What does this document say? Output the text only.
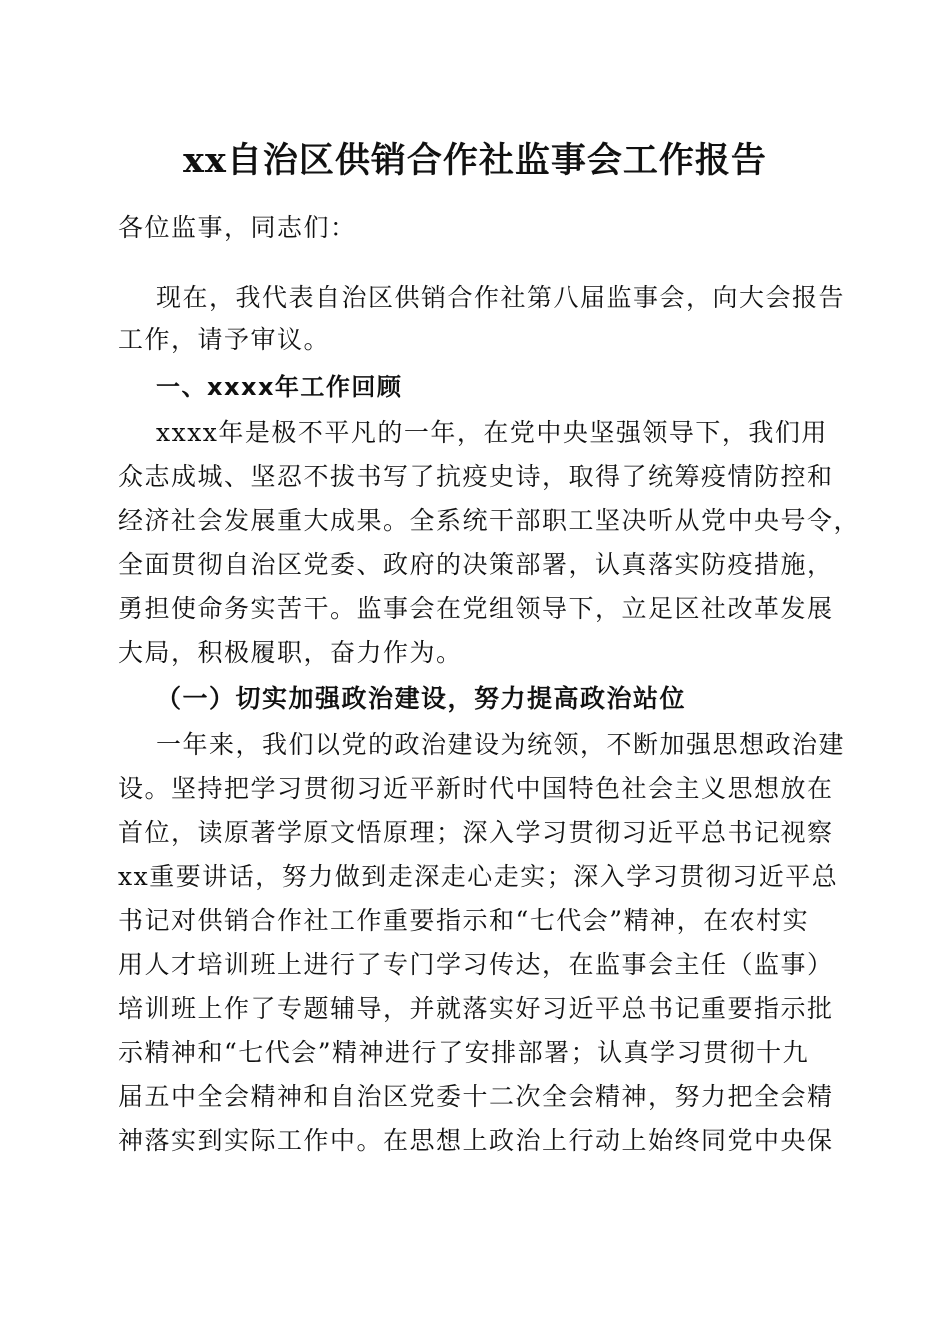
xx自治区供销合作社监事会工作报告
各位监事，同志们：
现在，我代表自治区供销合作社第八届监事会，向大会报告
工作，请予审议。
一、xxxx年工作回顾
xxxx年是极不平凡的一年，在党中央坚强领导下，我们用
众志成城、坚忍不拔书写了抗疫史诗，取得了统筹疫情防控和
经济社会发展重大成果。全系统干部职工坚决听从党中央号令，
全面贯彻自治区党委、政府的决策部署，认真落实防疫措施，
勇担使命务实苦干。监事会在党组领导下，立足区社改革发展
大局，积极履职，奋力作为。
（一）切实加强政治建设，努力提高政治站位
一年来，我们以党的政治建设为统领，不断加强思想政治建
设。坚持把学习贯彻习近平新时代中国特色社会主义思想放在
首位，读原著学原文悟原理；深入学习贯彻习近平总书记视察
xx重要讲话，努力做到走深走心走实；深入学习贯彻习近平总
书记对供销合作社工作重要指示和“七代会”精神，在农村实
用人才培训班上进行了专门学习传达，在监事会主任（监事）
培训班上作了专题辅导，并就落实好习近平总书记重要指示批
示精神和“七代会”精神进行了安排部署；认真学习贯彻十九
届五中全会精神和自治区党委十二次全会精神，努力把全会精
神落实到实际工作中。在思想上政治上行动上始终同党中央保
